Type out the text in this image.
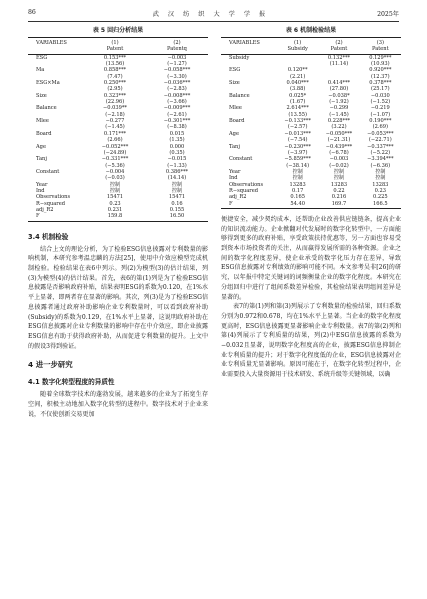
86	武汉纺织大学学报	2025年
表 5 回归分析结果
VARIABLES	(1)	(2)
	Patent	Patentq
ESG	0.153***	−0.003
	(13.56)	(−1.27)
Ma	0.858***	−0.058***
	(7.47)	(−3.30)
ESG×Ma	0.250***	−0.036***
	(2.95)	(−2.83)
Size	0.323***	−0.008***
	(22.96)	(−3.66)
Balance	−0.039**	−0.009***
	(−2.18)	(−2.61)
Mlee	−0.277	−0.301***
	(−1.45)	(−8.38)
Board	0.171***	0.015
	(2.66)	(1.35)
Age	−0.052***	0.000
	(−24.89)	(0.35)
Tanj	−0.331***	−0.015
	(−5.36)	(−1.33)
Constant	−0.004	0.386***
	(−0.03)	(14.14)
Year	控制	控制
Ind	控制	控制
Observations	15471	15471
R−squared	0.23	0.16
adj_R2	0.231	0.155
F	159.8	16.50
3.4 机制检验

结合上文的理论分析，为了检验ESG信息披露对专利数量的影响机制，本研究参考温忠麟的方法[25]，使用中介效应模型完成机制检验。检验结果在表6中列示。列(2)为模型(3)的估计结果，列(3)为模型(4)的估计结果。首先，表6的第(1)列是为了检验ESG信息披露是否影响政府补贴，结果表明ESG的系数为0.120，在1%水平上显著，即两者存在显著的影响。其次，列(3)是为了检验ESG信息披露者通过政府补助影响企业专利数量时，可以看到政府补助(Subsidy)的系数为0.129，在1%水平上显著，这说明政府补助在ESG信息披露对企业专利数量的影响中存在中介效应，即企业披露ESG信息有助于获得政府补助，从而促进专利数量的提升。上文中的假设3得到验证。

4 进一步研究
4.1 数字化转型程度的异质性

随着全球数字技术的蓬勃发展，越来越多的企业为了拓宽生存空间，积极主动地加入数字化转型的进程中。数字技术对于企业来说，不仅使创新交易更加

表 6 机制检验结果
VARIABLES	(1)	(2)	(3)
	Subsidy	Patent	Patent
Subsidy		0.132***	0.129***
		(11.14)	(10.93)
ESG	0.120**		0.920***
	(2.21)		(12.37)
Size	0.040***	0.414***	0.378***
	(3.88)	(27.80)	(25.17)
Balance	0.025*	−0.038*	−0.030
	(1.67)	(−1.92)	(−1.52)
Mlee	2.614***	−0.299	−0.219
	(13.55)	(−1.45)	(−1.07)
Board	−0.133***	0.228***	0.190***
	(−2.57)	(3.22)	(2.69)
Age	−0.013***	−0.050***	−0.053***
	(−7.54)	(−21.31)	(−22.71)
Tanj	−0.230***	−0.439***	−0.337***
	(−3.97)	(−6.78)	(−5.22)
Constant	−5.859***	−0.003	−3.394***
	(−38.14)	(−0.02)	(−6.36)
Year	控制	控制	控制
Ind	控制	控制	控制
Observations	13283	13283	13283
R−squared	0.17	0.22	0.23
adj_R2	0.165	0.216	0.225
F	54.40	169.7	166.5

便捷安全，减少契约成本，还帮助企业改善供应链链条，提高企业的知识流动能力。企业掀翻对代发展时的数字化转型中，一方面能够得到更多的政府补贴，享受政策扶持优惠等，另一方面也容易受到资本市场投资者的关注，从而赢得发展所需的各种资源。企业之间的数字化程度差异，使企业承受的数字化压力存在差异，导致ESG信息披露对专利绩效的影响可能不同。本文参考吴非[26]的研究，以年报中特定关键词的词频衡量企业的数字化程度。本研究在分组回归中进行了组间系数差异检验，其检验结果表明组间差异是显著的。

表7的第(1)列和第(3)列展示了专利数量的检验结果，回归系数分别为0.972和0.678，均在1%水平上显著。当企业的数字化程度更高时，ESG信息披露更显著影响企业专利数量。表7的第(2)列和第(4)列展示了专利质量的结果，列(2)中ESG信息披露的系数为−0.032且显著，说明数字化程度高的企业，披露ESG信息抑制企业专利质量的提升；对于数字化程度低的企业，ESG信息披露对企业专利质量无显著影响。原因可能在于，在数字化转型过程中，企业需要投入大量资源用于技术研发、系统升级等关键领域，以确
